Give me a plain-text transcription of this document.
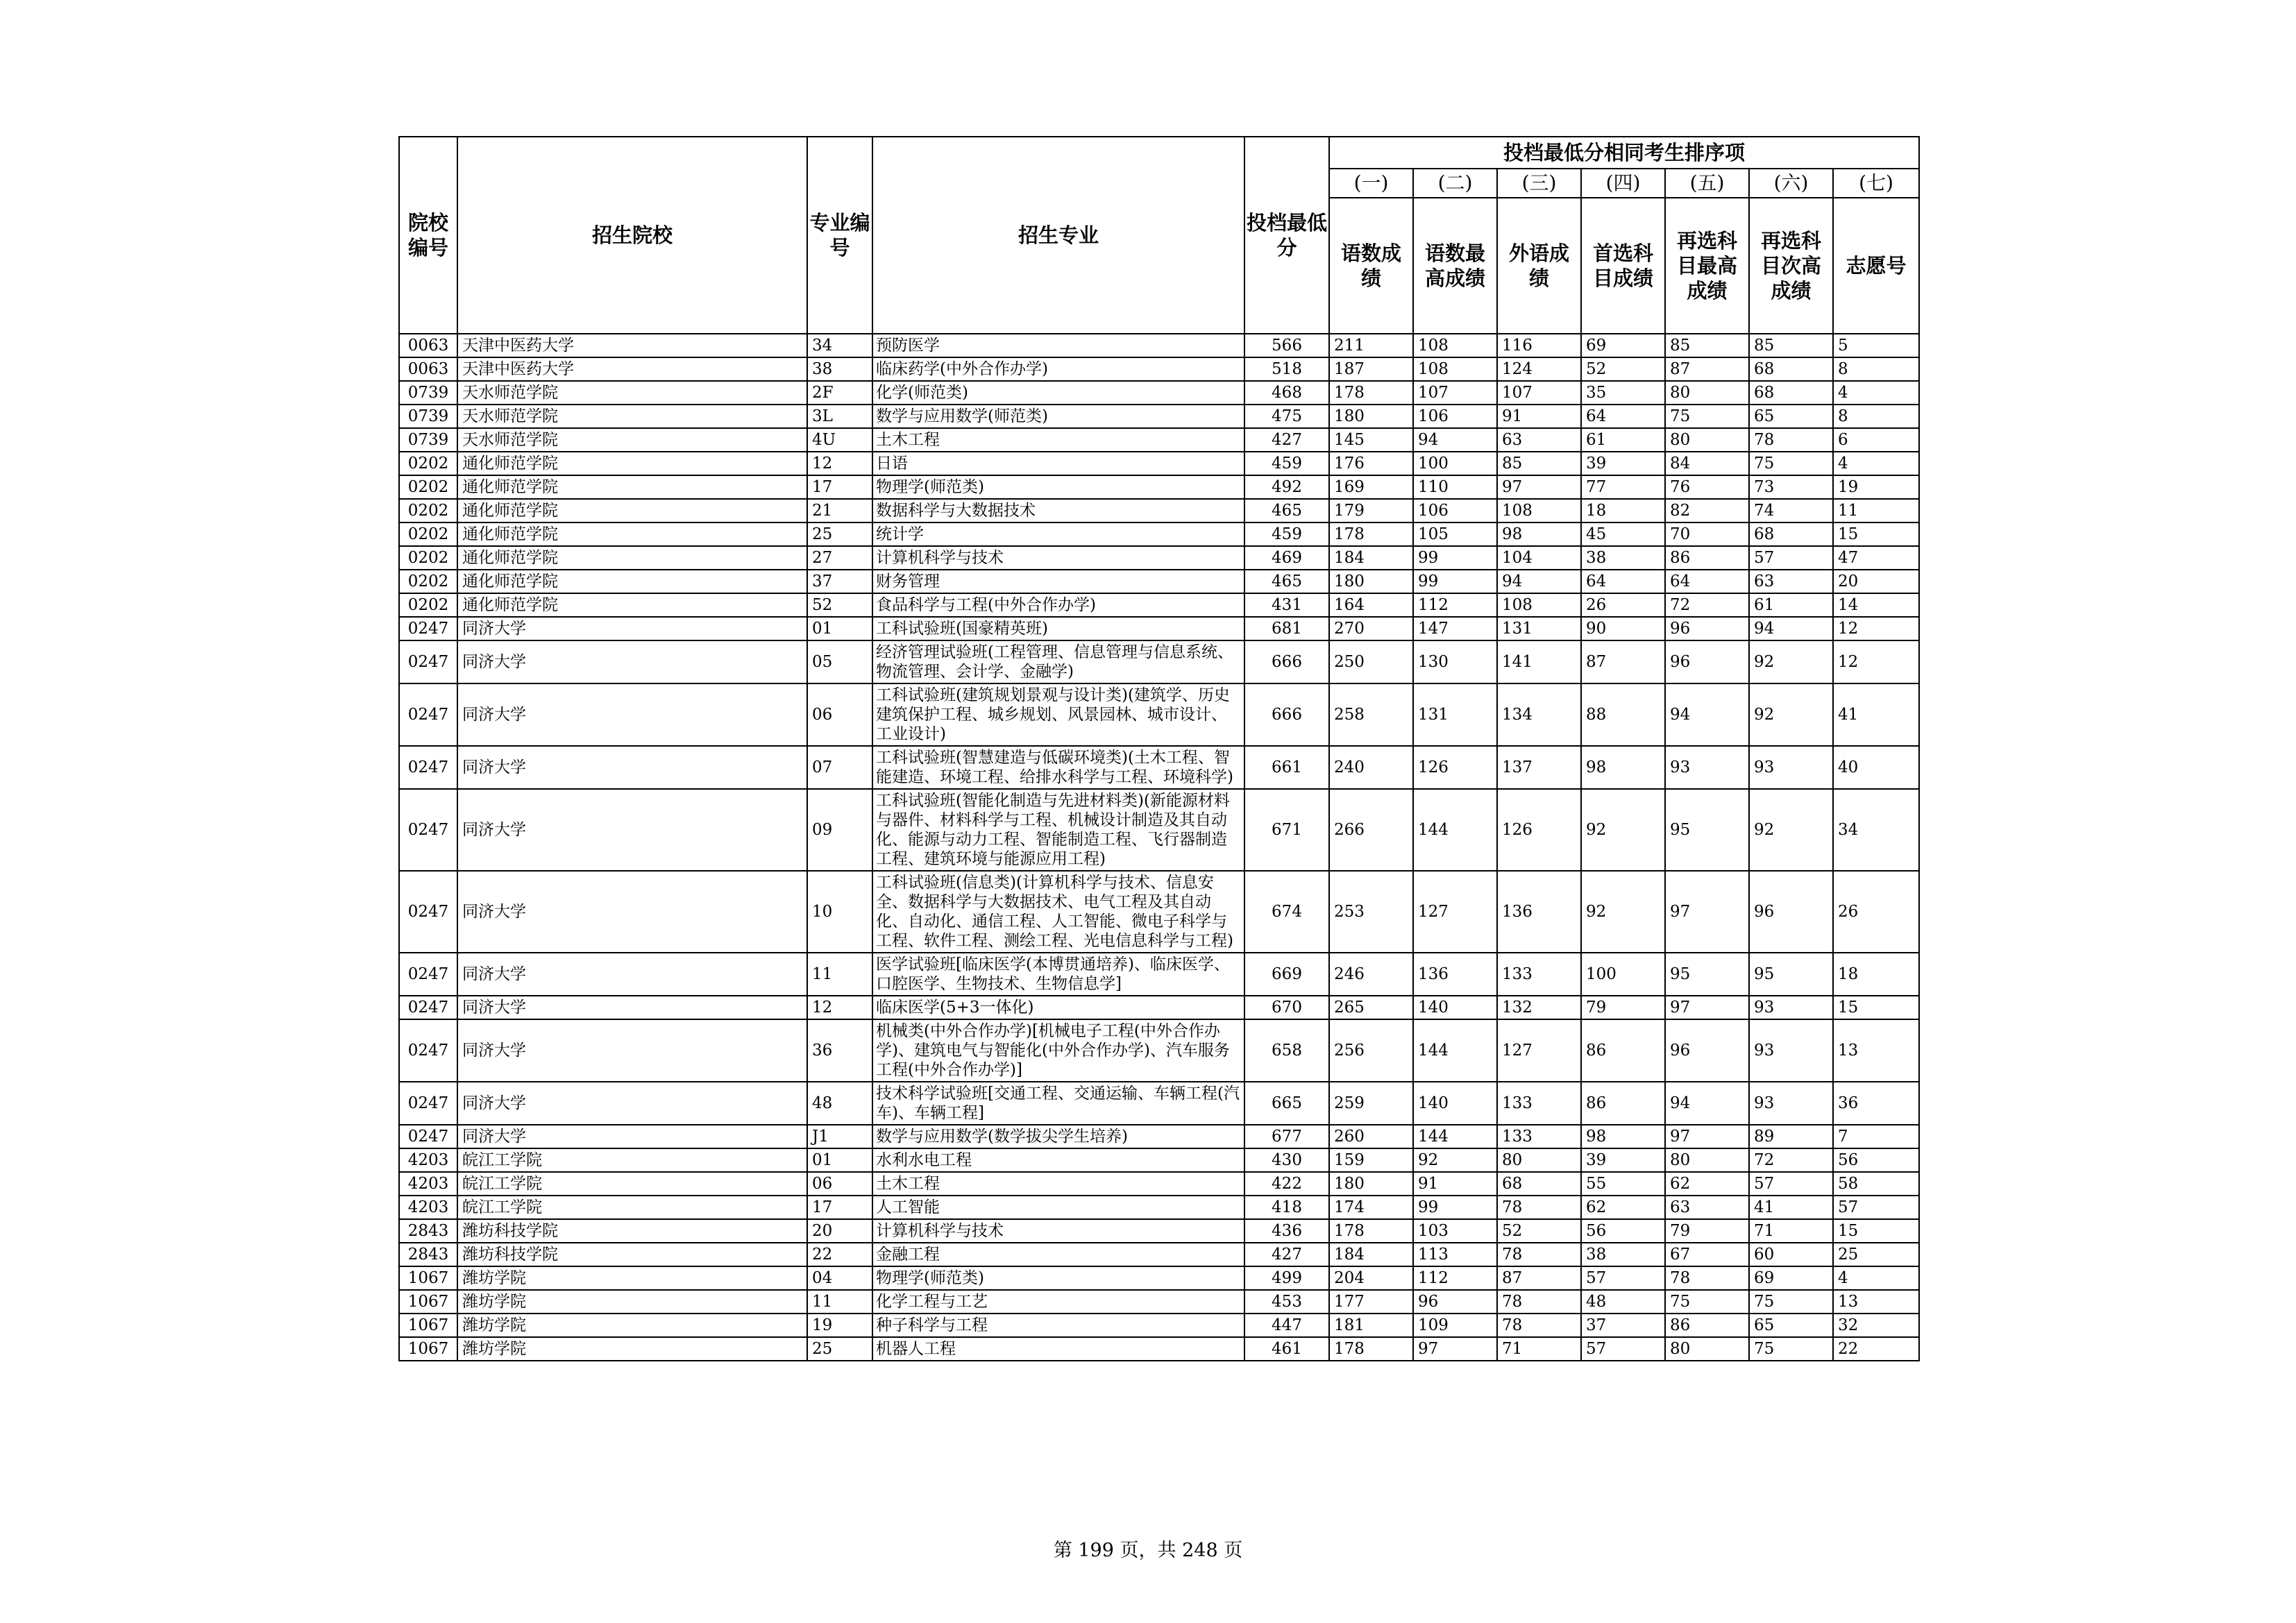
院校编号	招生院校	专业编号	招生专业	投档最低分	投档最低分相同考生排序项						
					(一)	(二)	(三)	(四)	(五)	(六)	(七)
					语数成绩	语数最高成绩	外语成绩	首选科目成绩	再选科目最高成绩	再选科目次高成绩	志愿号
0063	天津中医药大学	34	预防医学	566	211	108	116	69	85	85	5
0063	天津中医药大学	38	临床药学(中外合作办学)	518	187	108	124	52	87	68	8
0739	天水师范学院	2F	化学(师范类)	468	178	107	107	35	80	68	4
0739	天水师范学院	3L	数学与应用数学(师范类)	475	180	106	91	64	75	65	8
0739	天水师范学院	4U	土木工程	427	145	94	63	61	80	78	6
0202	通化师范学院	12	日语	459	176	100	85	39	84	75	4
0202	通化师范学院	17	物理学(师范类)	492	169	110	97	77	76	73	19
0202	通化师范学院	21	数据科学与大数据技术	465	179	106	108	18	82	74	11
0202	通化师范学院	25	统计学	459	178	105	98	45	70	68	15
0202	通化师范学院	27	计算机科学与技术	469	184	99	104	38	86	57	47
0202	通化师范学院	37	财务管理	465	180	99	94	64	64	63	20
0202	通化师范学院	52	食品科学与工程(中外合作办学)	431	164	112	108	26	72	61	14
0247	同济大学	01	工科试验班(国豪精英班)	681	270	147	131	90	96	94	12
0247	同济大学	05	经济管理试验班(工程管理、信息管理与信息系统、物流管理、会计学、金融学)	666	250	130	141	87	96	92	12
0247	同济大学	06	工科试验班(建筑规划景观与设计类)(建筑学、历史建筑保护工程、城乡规划、风景园林、城市设计、工业设计)	666	258	131	134	88	94	92	41
0247	同济大学	07	工科试验班(智慧建造与低碳环境类)(土木工程、智能建造、环境工程、给排水科学与工程、环境科学)	661	240	126	137	98	93	93	40
0247	同济大学	09	工科试验班(智能化制造与先进材料类)(新能源材料与器件、材料科学与工程、机械设计制造及其自动化、能源与动力工程、智能制造工程、飞行器制造工程、建筑环境与能源应用工程)	671	266	144	126	92	95	92	34
0247	同济大学	10	工科试验班(信息类)(计算机科学与技术、信息安全、数据科学与大数据技术、电气工程及其自动化、自动化、通信工程、人工智能、微电子科学与工程、软件工程、测绘工程、光电信息科学与工程)	674	253	127	136	92	97	96	26
0247	同济大学	11	医学试验班[临床医学(本博贯通培养)、临床医学、口腔医学、生物技术、生物信息学]	669	246	136	133	100	95	95	18
0247	同济大学	12	临床医学(5+3一体化)	670	265	140	132	79	97	93	15
0247	同济大学	36	机械类(中外合作办学)[机械电子工程(中外合作办学)、建筑电气与智能化(中外合作办学)、汽车服务工程(中外合作办学)]	658	256	144	127	86	96	93	13
0247	同济大学	48	技术科学试验班[交通工程、交通运输、车辆工程(汽车)、车辆工程]	665	259	140	133	86	94	93	36
0247	同济大学	J1	数学与应用数学(数学拔尖学生培养)	677	260	144	133	98	97	89	7
4203	皖江工学院	01	水利水电工程	430	159	92	80	39	80	72	56
4203	皖江工学院	06	土木工程	422	180	91	68	55	62	57	58
4203	皖江工学院	17	人工智能	418	174	99	78	62	63	41	57
2843	潍坊科技学院	20	计算机科学与技术	436	178	103	52	56	79	71	15
2843	潍坊科技学院	22	金融工程	427	184	113	78	38	67	60	25
1067	潍坊学院	04	物理学(师范类)	499	204	112	87	57	78	69	4
1067	潍坊学院	11	化学工程与工艺	453	177	96	78	48	75	75	13
1067	潍坊学院	19	种子科学与工程	447	181	109	78	37	86	65	32
1067	潍坊学院	25	机器人工程	461	178	97	71	57	80	75	22
第 199 页，共 248 页
